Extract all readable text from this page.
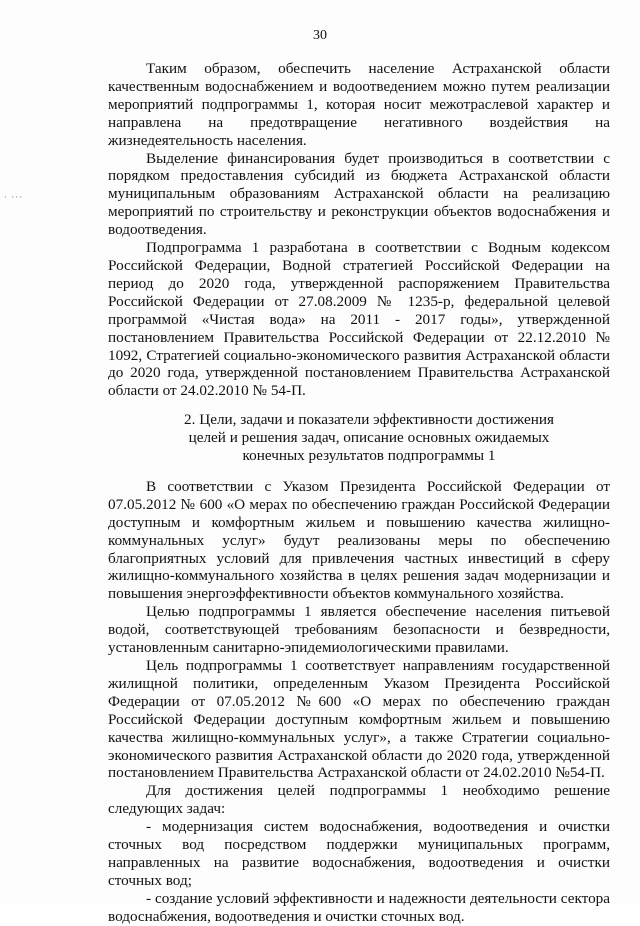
30
· ···

Таким образом, обеспечить население Астраханской области качественным водоснабжением и водоотведением можно путем реализации мероприятий подпрограммы 1, которая носит межотраслевой характер и направлена на предотвращение негативного воздействия на жизнедеятельность населения.

Выделение финансирования будет производиться в соответствии с порядком предоставления субсидий из бюджета Астраханской области муниципальным образованиям Астраханской области на реализацию мероприятий по строительству и реконструкции объектов водоснабжения и водоотведения.

Подпрограмма 1 разработана в соответствии с Водным кодексом Российской Федерации, Водной стратегией Российской Федерации на период до 2020 года, утвержденной распоряжением Правительства Российской Федерации от 27.08.2009 № 1235-р, федеральной целевой программой «Чистая вода» на 2011 - 2017 годы», утвержденной постановлением Правительства Российской Федерации от 22.12.2010 № 1092, Стратегией социально-экономического развития Астраханской области до 2020 года, утвержденной постановлением Правительства Астраханской области от 24.02.2010 № 54-П.

2. Цели, задачи и показатели эффективности достижения
целей и решения задач, описание основных ожидаемых
конечных результатов подпрограммы 1

В соответствии с Указом Президента Российской Федерации от 07.05.2012 № 600 «О мерах по обеспечению граждан Российской Федерации доступным и комфортным жильем и повышению качества жилищно-коммунальных услуг» будут реализованы меры по обеспечению благоприятных условий для привлечения частных инвестиций в сферу жилищно-коммунального хозяйства в целях решения задач модернизации и повышения энергоэффективности объектов коммунального хозяйства.

Целью подпрограммы 1 является обеспечение населения питьевой водой, соответствующей требованиям безопасности и безвредности, установленным санитарно-эпидемиологическими правилами.

Цель подпрограммы 1 соответствует направлениям государственной жилищной политики, определенным Указом Президента Российской Федерации от 07.05.2012 №600 «О мерах по обеспечению граждан Российской Федерации доступным комфортным жильем и повышению качества жилищно-коммунальных услуг», а также Стратегии социально-экономического развития Астраханской области до 2020 года, утвержденной постановлением Правительства Астраханской области от 24.02.2010 №54-П.

Для достижения целей подпрограммы 1 необходимо решение следующих задач:

- модернизация систем водоснабжения, водоотведения и очистки сточных вод посредством поддержки муниципальных программ, направленных на развитие водоснабжения, водоотведения и очистки сточных вод;

- создание условий эффективности и надежности деятельности сектора водоснабжения, водоотведения и очистки сточных вод.
